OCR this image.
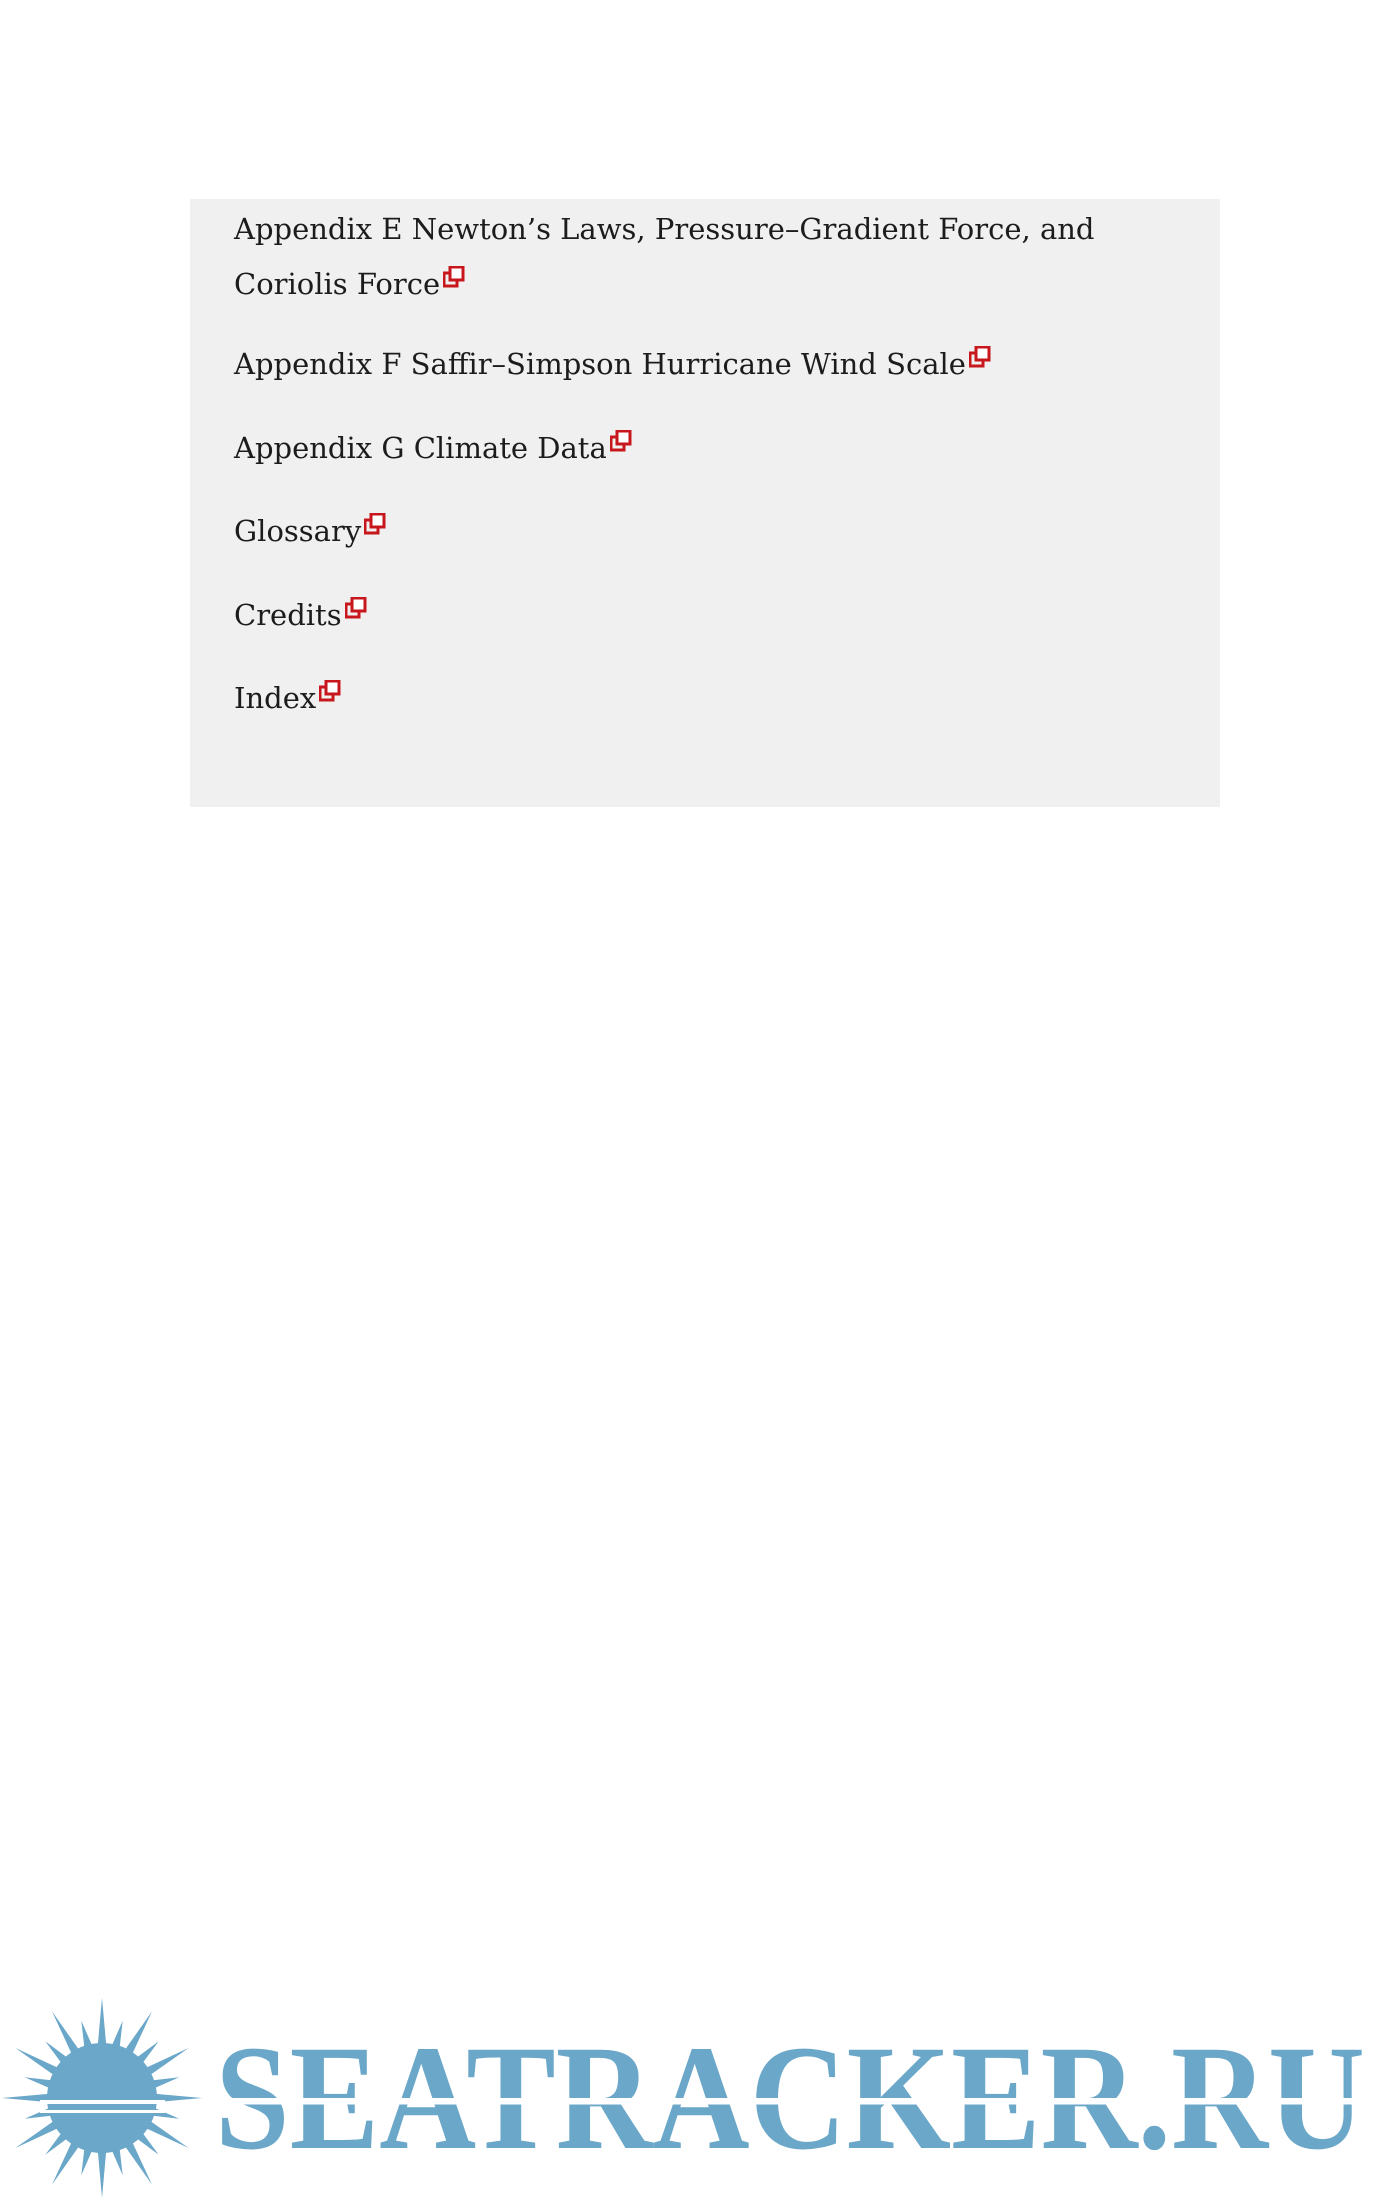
Appendix E Newton’s Laws, Pressure–Gradient Force, and Coriolis Force
Appendix F Saffir–Simpson Hurricane Wind Scale
Appendix G Climate Data
Glossary
Credits
Index
SEATRACKER.RU
